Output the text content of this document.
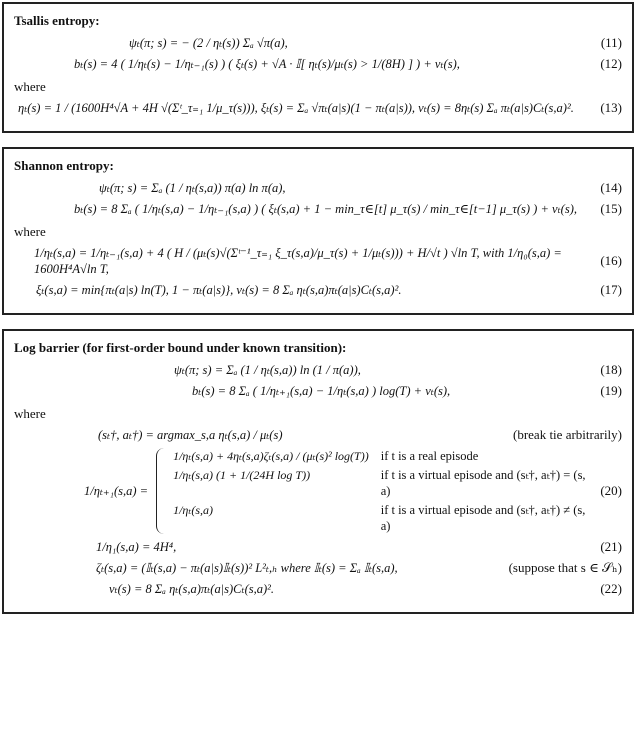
Tsallis entropy:
ψₜ(π; s) = − (2 / ηₜ(s)) Σₐ √π(a),	(11)
bₜ(s) = 4 ( 1/ηₜ(s) − 1/ηₜ₋₁(s) ) ( ξₜ(s) + √A · 𝕀[ ηₜ(s)/μₜ(s) > 1/(8H) ] ) + νₜ(s),	(12)
where
ηₜ(s) = 1 / (1600H⁴√A + 4H √(Σᵗ_τ₌₁ 1/μ_τ(s))), ξₜ(s) = Σₐ √πₜ(a|s)(1 − πₜ(a|s)), νₜ(s) = 8ηₜ(s) Σₐ πₜ(a|s)Cₜ(s,a)².	(13)
Shannon entropy:
ψₜ(π; s) = Σₐ (1 / ηₜ(s,a)) π(a) ln π(a),	(14)
bₜ(s) = 8 Σₐ ( 1/ηₜ(s,a) − 1/ηₜ₋₁(s,a) ) ( ξₜ(s,a) + 1 − min_τ∈[t] μ_τ(s) / min_τ∈[t−1] μ_τ(s) ) + νₜ(s),	(15)
where
1/ηₜ(s,a) = 1/ηₜ₋₁(s,a) + 4 ( H / (μₜ(s)√(Σᵗ⁻¹_τ₌₁ ξ_τ(s,a)/μ_τ(s) + 1/μₜ(s))) + H/√t ) √ln T, with 1/η₀(s,a) = 1600H⁴A√ln T,
(16)
ξₜ(s,a) = min{πₜ(a|s) ln(T), 1 − πₜ(a|s)}, νₜ(s) = 8 Σₐ ηₜ(s,a)πₜ(a|s)Cₜ(s,a)².	(17)
Log barrier (for first-order bound under known transition):
ψₜ(π; s) = Σₐ (1 / ηₜ(s,a)) ln (1 / π(a)),	(18)
bₜ(s) = 8 Σₐ ( 1/ηₜ₊₁(s,a) − 1/ηₜ(s,a) ) log(T) + νₜ(s),	(19)
where
(sₜ†, aₜ†) = argmax_s,a ηₜ(s,a) / μₜ(s)	(break tie arbitrarily)
1/ηₜ₊₁(s,a) =
1/ηₜ(s,a) + 4ηₜ(s,a)ζₜ(s,a) / (μₜ(s)² log(T)) if t is a real episode
1/ηₜ(s,a) (1 + 1/(24H log T))	if t is a virtual episode and (sₜ†, aₜ†) = (s, a)
1/ηₜ(s,a)	if t is a virtual episode and (sₜ†, aₜ†) ≠ (s, a)
(20)
1/η₁(s,a) = 4H⁴,	(21)
ζₜ(s,a) = (𝕀ₜ(s,a) − πₜ(a|s)𝕀ₜ(s))² L²ₜ,ₕ where 𝕀ₜ(s) = Σₐ 𝕀ₜ(s,a),	(suppose that s ∈ 𝒮ₕ)
νₜ(s) = 8 Σₐ ηₜ(s,a)πₜ(a|s)Cₜ(s,a)².	(22)
